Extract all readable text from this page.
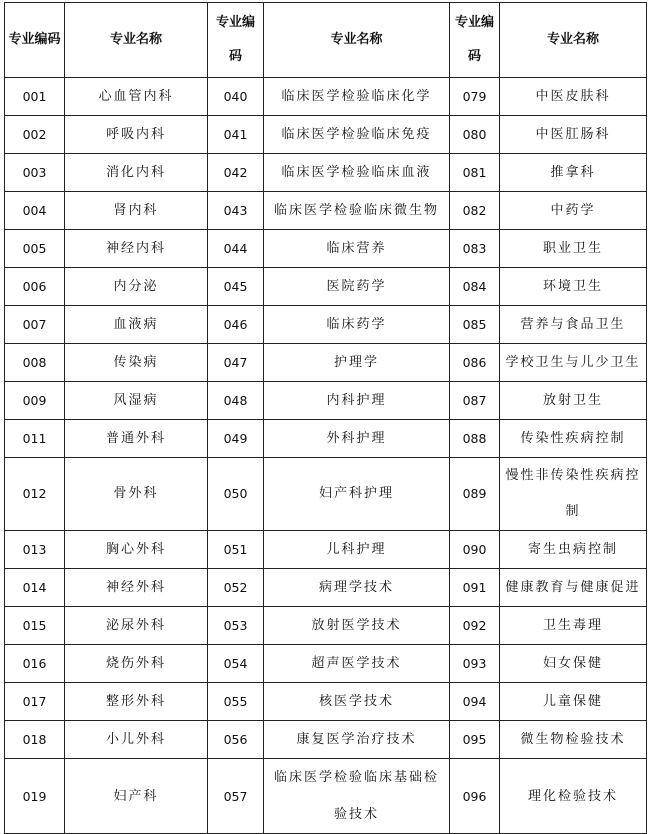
专业编码	专业名称	专业编码	专业名称	专业编码	专业名称
001	心血管内科	040	临床医学检验临床化学	079	中医皮肤科
002	呼吸内科	041	临床医学检验临床免疫	080	中医肛肠科
003	消化内科	042	临床医学检验临床血液	081	推拿科
004	肾内科	043	临床医学检验临床微生物	082	中药学
005	神经内科	044	临床营养	083	职业卫生
006	内分泌	045	医院药学	084	环境卫生
007	血液病	046	临床药学	085	营养与食品卫生
008	传染病	047	护理学	086	学校卫生与儿少卫生
009	风湿病	048	内科护理	087	放射卫生
011	普通外科	049	外科护理	088	传染性疾病控制
012	骨外科	050	妇产科护理	089	慢性非传染性疾病控制
013	胸心外科	051	儿科护理	090	寄生虫病控制
014	神经外科	052	病理学技术	091	健康教育与健康促进
015	泌尿外科	053	放射医学技术	092	卫生毒理
016	烧伤外科	054	超声医学技术	093	妇女保健
017	整形外科	055	核医学技术	094	儿童保健
018	小儿外科	056	康复医学治疗技术	095	微生物检验技术
019	妇产科	057	临床医学检验临床基础检验技术	096	理化检验技术
